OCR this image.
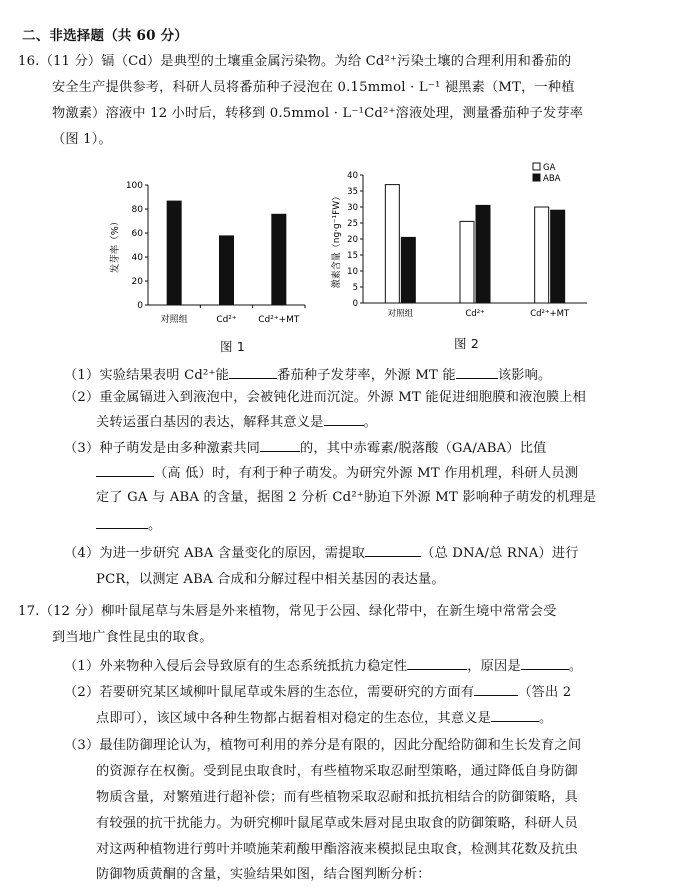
二、非选择题（共 60 分）
16.（11 分）镉（Cd）是典型的土壤重金属污染物。为给 Cd²⁺污染土壤的合理利用和番茄的
安全生产提供参考，科研人员将番茄种子浸泡在 0.15mmol · L⁻¹ 褪黑素（MT，一种植
物激素）溶液中 12 小时后，转移到 0.5mmol · L⁻¹Cd²⁺溶液处理，测量番茄种子发芽率
（图 1）。
0
20
40
60
80
100
对照组	Cd²⁺ Cd²⁺+MT
发芽率（%）
图 1
0
5
10
15
20
25
30
35
40
对照组	Cd²⁺	Cd²⁺+MT
GA
ABA
激素含量（ng·g⁻¹FW）
图 2
（1）实验结果表明 Cd²⁺能	番茄种子发芽率，外源 MT 能	该影响。
（2）重金属镉进入到液泡中，会被钝化进而沉淀。外源 MT 能促进细胞膜和液泡膜上相
关转运蛋白基因的表达，解释其意义是	。
（3）种子萌发是由多种激素共同	的，其中赤霉素/脱落酸（GA/ABA）比值
（高 低）时，有利于种子萌发。为研究外源 MT 作用机理，科研人员测
定了 GA 与 ABA 的含量，据图 2 分析 Cd²⁺胁迫下外源 MT 影响种子萌发的机理是
。
（4）为进一步研究 ABA 含量变化的原因，需提取	（总 DNA/总 RNA）进行
PCR，以测定 ABA 合成和分解过程中相关基因的表达量。
17.（12 分）柳叶鼠尾草与朱唇是外来植物，常见于公园、绿化带中，在新生境中常常会受
到当地广食性昆虫的取食。
（1）外来物种入侵后会导致原有的生态系统抵抗力稳定性	，原因是	。
（2）若要研究某区域柳叶鼠尾草或朱唇的生态位，需要研究的方面有	（答出 2
点即可），该区域中各种生物都占据着相对稳定的生态位，其意义是	。
（3）最佳防御理论认为，植物可利用的养分是有限的，因此分配给防御和生长发育之间
的资源存在权衡。受到昆虫取食时，有些植物采取忍耐型策略，通过降低自身防御
物质含量，对繁殖进行超补偿；而有些植物采取忍耐和抵抗相结合的防御策略，具
有较强的抗干扰能力。为研究柳叶鼠尾草或朱唇对昆虫取食的防御策略，科研人员
对这两种植物进行剪叶并喷施茉莉酸甲酯溶液来模拟昆虫取食，检测其花数及抗虫
防御物质黄酮的含量，实验结果如图，结合图判断分析：
